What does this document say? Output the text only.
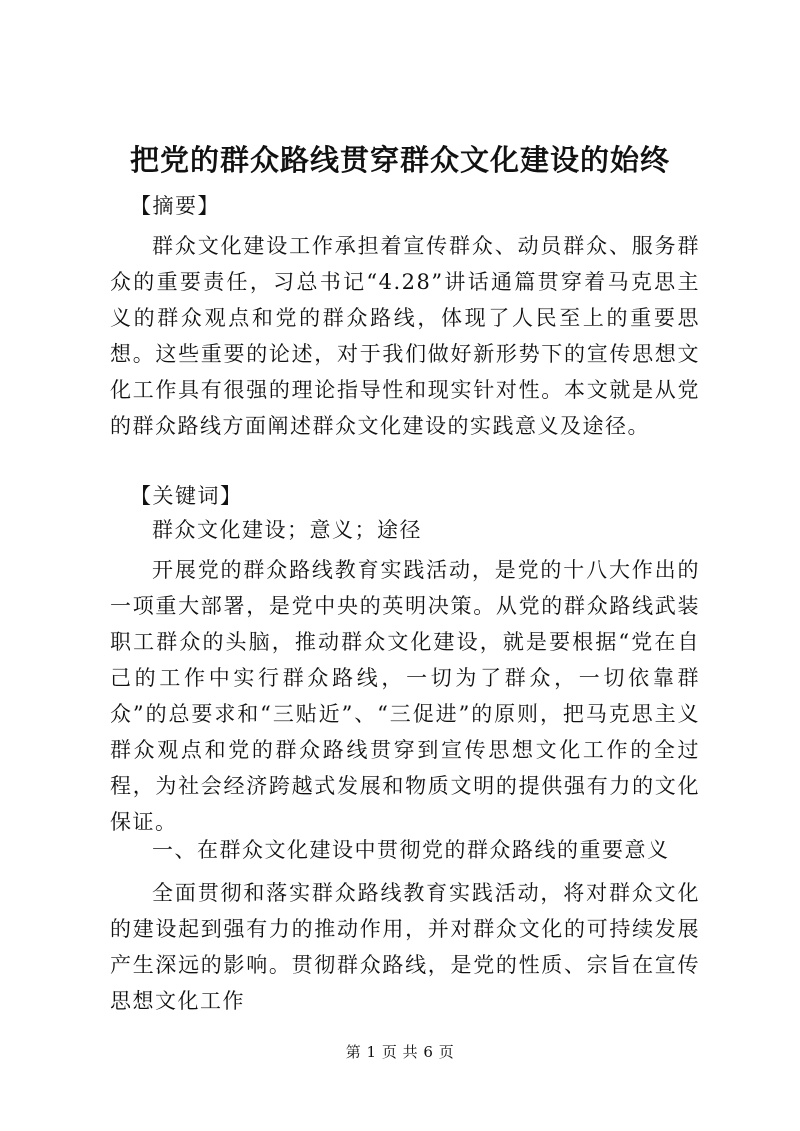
把党的群众路线贯穿群众文化建设的始终
【摘要】
群众文化建设工作承担着宣传群众、动员群众、服务群众的重要责任，习总书记“4.28”讲话通篇贯穿着马克思主义的群众观点和党的群众路线，体现了人民至上的重要思想。这些重要的论述，对于我们做好新形势下的宣传思想文化工作具有很强的理论指导性和现实针对性。本文就是从党的群众路线方面阐述群众文化建设的实践意义及途径。
【关键词】
群众文化建设；意义；途径
开展党的群众路线教育实践活动，是党的十八大作出的一项重大部署，是党中央的英明决策。从党的群众路线武装职工群众的头脑，推动群众文化建设，就是要根据“党在自己的工作中实行群众路线，一切为了群众，一切依靠群众”的总要求和“三贴近”、“三促进”的原则，把马克思主义群众观点和党的群众路线贯穿到宣传思想文化工作的全过程，为社会经济跨越式发展和物质文明的提供强有力的文化保证。
一、在群众文化建设中贯彻党的群众路线的重要意义
全面贯彻和落实群众路线教育实践活动，将对群众文化的建设起到强有力的推动作用，并对群众文化的可持续发展产生深远的影响。贯彻群众路线，是党的性质、宗旨在宣传思想文化工作
第 1 页 共 6 页
